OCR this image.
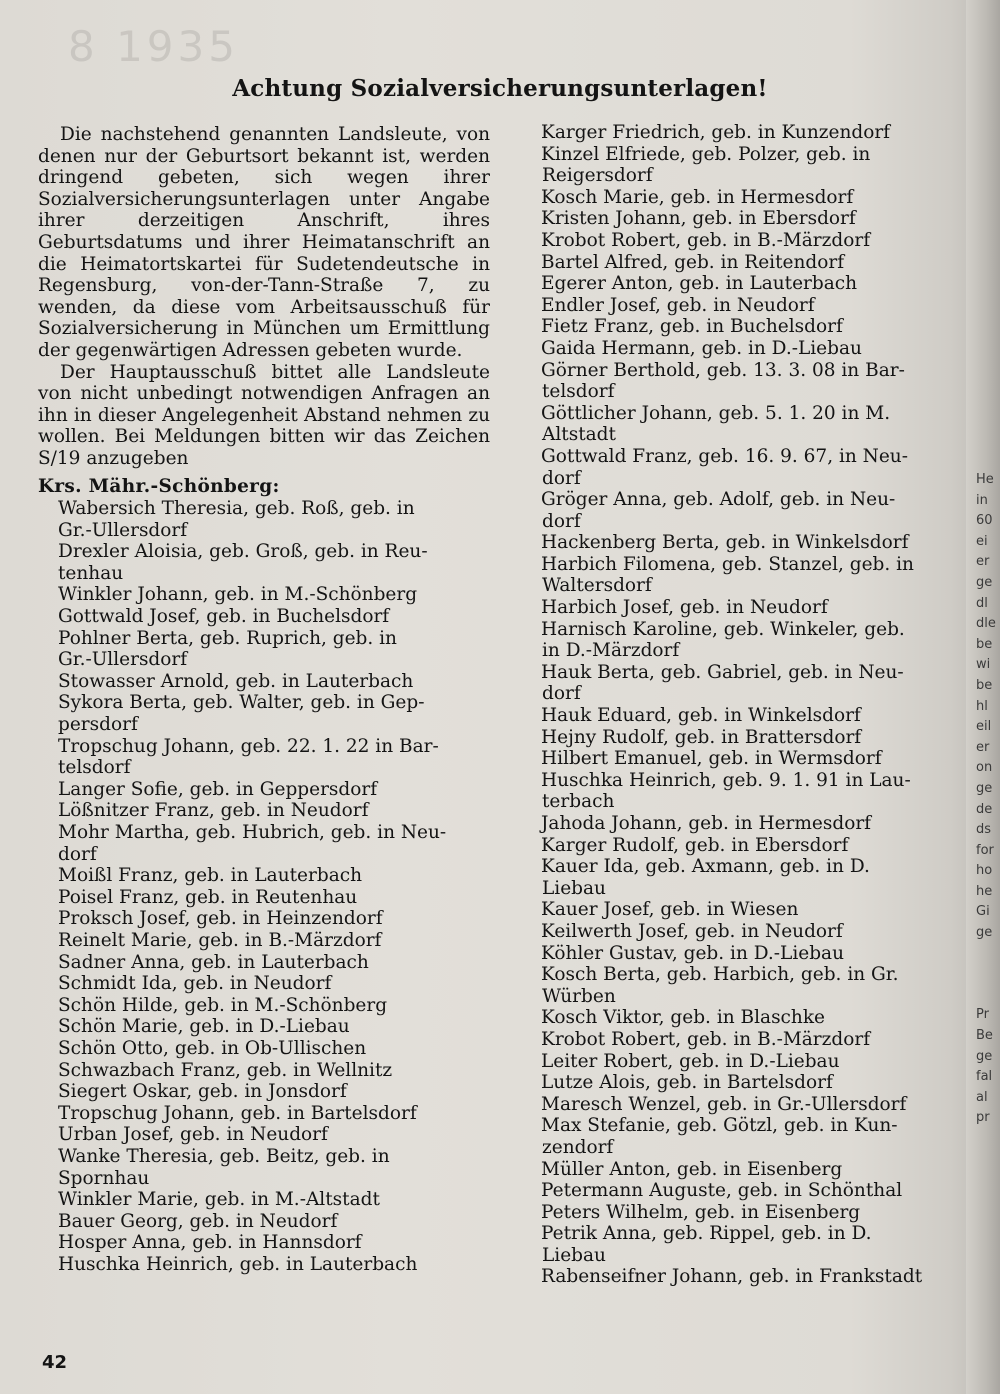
8 1935
He
in
60
ei
er
ge
dl
dle
be
wi
be
hl
eil
er
on
ge
de
ds
for
ho
he
Gi
ge
Pr
Be
ge
fal
al
pr
Achtung Sozialversicherungsunterlagen!

Die nachstehend genannten Landsleute, von denen nur der Geburtsort bekannt ist, werden dringend gebeten, sich wegen ihrer Sozialversicherungsunterlagen unter Angabe ihrer derzeitigen Anschrift, ihres Geburtsdatums und ihrer Heimatanschrift an die Heimatortskartei für Sudetendeutsche in Regensburg, von-der-Tann-Straße 7, zu wenden, da diese vom Arbeitsausschuß für Sozialversicherung in München um Ermittlung der gegenwärtigen Adressen gebeten wurde.

Der Hauptausschuß bittet alle Landsleute von nicht unbedingt notwendigen Anfragen an ihn in dieser Angelegenheit Abstand nehmen zu wollen. Bei Meldungen bitten wir das Zeichen S/19 anzugeben

Krs. Mähr.-Schönberg:
Wabersich Theresia, geb. Roß, geb. in
Gr.-Ullersdorf
Drexler Aloisia, geb. Groß, geb. in Reu-
tenhau
Winkler Johann, geb. in M.-Schönberg
Gottwald Josef, geb. in Buchelsdorf
Pohlner Berta, geb. Ruprich, geb. in
Gr.-Ullersdorf
Stowasser Arnold, geb. in Lauterbach
Sykora Berta, geb. Walter, geb. in Gep-
persdorf
Tropschug Johann, geb. 22. 1. 22 in Bar-
telsdorf
Langer Sofie, geb. in Geppersdorf
Lößnitzer Franz, geb. in Neudorf
Mohr Martha, geb. Hubrich, geb. in Neu-
dorf
Moißl Franz, geb. in Lauterbach
Poisel Franz, geb. in Reutenhau
Proksch Josef, geb. in Heinzendorf
Reinelt Marie, geb. in B.-Märzdorf
Sadner Anna, geb. in Lauterbach
Schmidt Ida, geb. in Neudorf
Schön Hilde, geb. in M.-Schönberg
Schön Marie, geb. in D.-Liebau
Schön Otto, geb. in Ob-Ullischen
Schwazbach Franz, geb. in Wellnitz
Siegert Oskar, geb. in Jonsdorf
Tropschug Johann, geb. in Bartelsdorf
Urban Josef, geb. in Neudorf
Wanke Theresia, geb. Beitz, geb. in
Spornhau
Winkler Marie, geb. in M.-Altstadt
Bauer Georg, geb. in Neudorf
Hosper Anna, geb. in Hannsdorf
Huschka Heinrich, geb. in Lauterbach
Karger Friedrich, geb. in Kunzendorf
Kinzel Elfriede, geb. Polzer, geb. in
Reigersdorf
Kosch Marie, geb. in Hermesdorf
Kristen Johann, geb. in Ebersdorf
Krobot Robert, geb. in B.-Märzdorf
Bartel Alfred, geb. in Reitendorf
Egerer Anton, geb. in Lauterbach
Endler Josef, geb. in Neudorf
Fietz Franz, geb. in Buchelsdorf
Gaida Hermann, geb. in D.-Liebau
Görner Berthold, geb. 13. 3. 08 in Bar-
telsdorf
Göttlicher Johann, geb. 5. 1. 20 in M.
Altstadt
Gottwald Franz, geb. 16. 9. 67, in Neu-
dorf
Gröger Anna, geb. Adolf, geb. in Neu-
dorf
Hackenberg Berta, geb. in Winkelsdorf
Harbich Filomena, geb. Stanzel, geb. in
Waltersdorf
Harbich Josef, geb. in Neudorf
Harnisch Karoline, geb. Winkeler, geb.
in D.-Märzdorf
Hauk Berta, geb. Gabriel, geb. in Neu-
dorf
Hauk Eduard, geb. in Winkelsdorf
Hejny Rudolf, geb. in Brattersdorf
Hilbert Emanuel, geb. in Wermsdorf
Huschka Heinrich, geb. 9. 1. 91 in Lau-
terbach
Jahoda Johann, geb. in Hermesdorf
Karger Rudolf, geb. in Ebersdorf
Kauer Ida, geb. Axmann, geb. in D.
Liebau
Kauer Josef, geb. in Wiesen
Keilwerth Josef, geb. in Neudorf
Köhler Gustav, geb. in D.-Liebau
Kosch Berta, geb. Harbich, geb. in Gr.
Würben
Kosch Viktor, geb. in Blaschke
Krobot Robert, geb. in B.-Märzdorf
Leiter Robert, geb. in D.-Liebau
Lutze Alois, geb. in Bartelsdorf
Maresch Wenzel, geb. in Gr.-Ullersdorf
Max Stefanie, geb. Götzl, geb. in Kun-
zendorf
Müller Anton, geb. in Eisenberg
Petermann Auguste, geb. in Schönthal
Peters Wilhelm, geb. in Eisenberg
Petrik Anna, geb. Rippel, geb. in D.
Liebau
Rabenseifner Johann, geb. in Frankstadt
42
